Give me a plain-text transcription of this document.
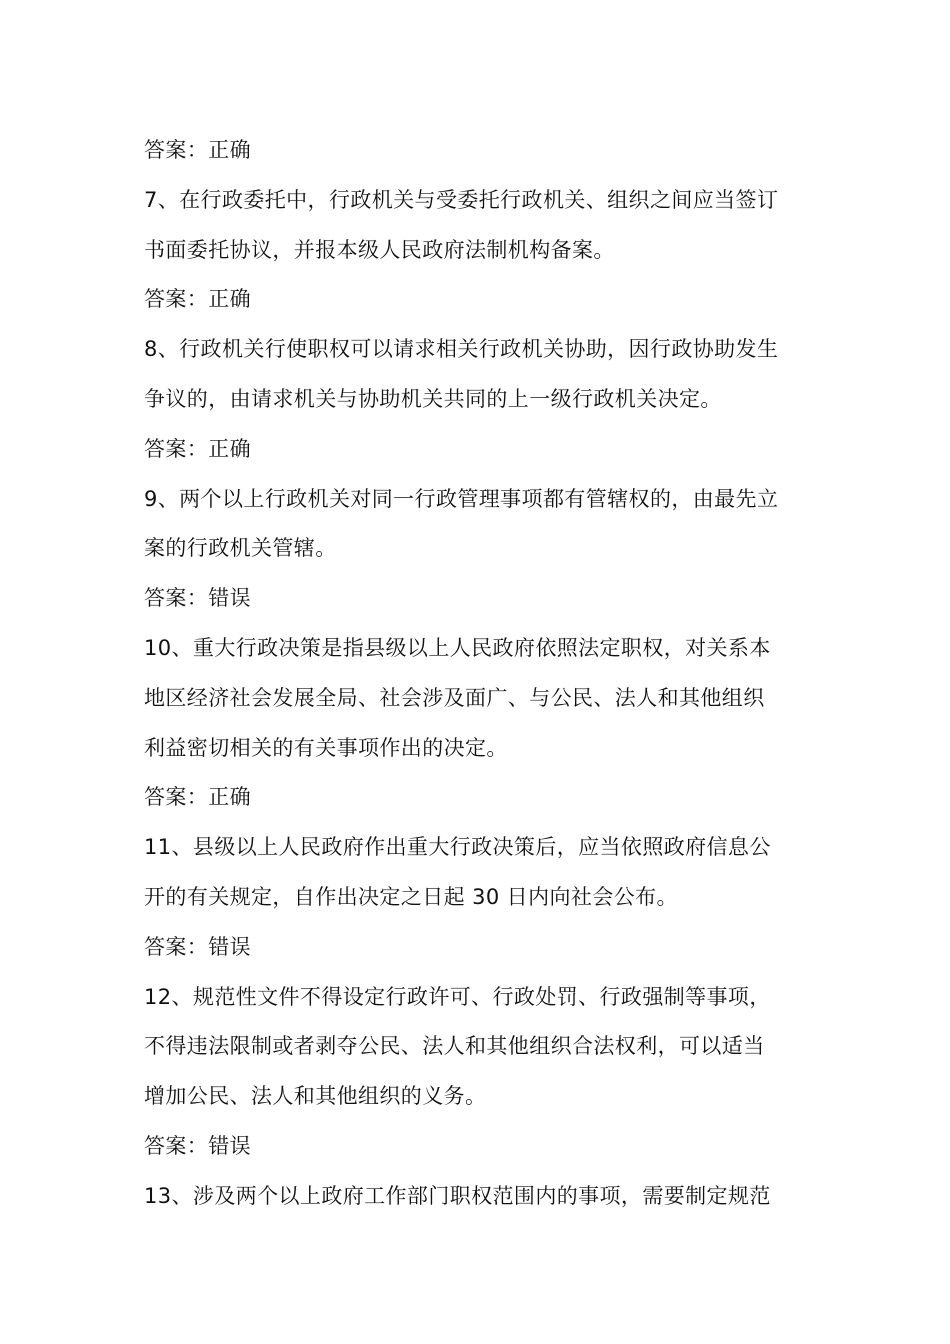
答案：正确
7、在行政委托中，行政机关与受委托行政机关、组织之间应当签订
书面委托协议，并报本级人民政府法制机构备案。
答案：正确
8、行政机关行使职权可以请求相关行政机关协助，因行政协助发生
争议的，由请求机关与协助机关共同的上一级行政机关决定。
答案：正确
9、两个以上行政机关对同一行政管理事项都有管辖权的，由最先立
案的行政机关管辖。
答案：错误
10、重大行政决策是指县级以上人民政府依照法定职权，对关系本
地区经济社会发展全局、社会涉及面广、与公民、法人和其他组织
利益密切相关的有关事项作出的决定。
答案：正确
11、县级以上人民政府作出重大行政决策后，应当依照政府信息公
开的有关规定，自作出决定之日起 30 日内向社会公布。
答案：错误
12、规范性文件不得设定行政许可、行政处罚、行政强制等事项，
不得违法限制或者剥夺公民、法人和其他组织合法权利，可以适当
增加公民、法人和其他组织的义务。
答案：错误
13、涉及两个以上政府工作部门职权范围内的事项，需要制定规范
